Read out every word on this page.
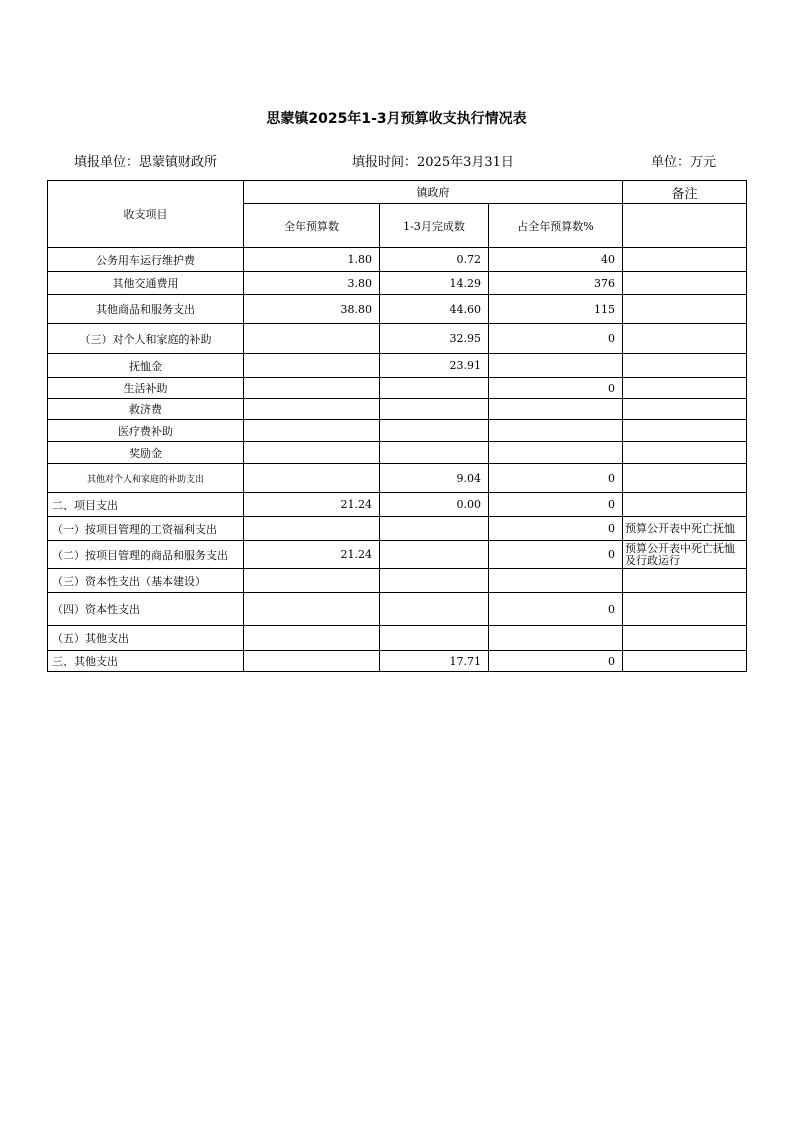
思蒙镇2025年1-3月预算收支执行情况表
填报单位：思蒙镇财政所	填报时间：2025年3月31日	单位：万元
收支项目	镇政府			备注
	全年预算数	1-3月完成数	占全年预算数%	
公务用车运行维护费	1.80	0.72	40	
其他交通费用	3.80	14.29	376	
其他商品和服务支出	38.80	44.60	115	
（三）对个人和家庭的补助		32.95	0	
抚恤金		23.91		
生活补助			0	
救济费				
医疗费补助				
奖励金				
其他对个人和家庭的补助支出		9.04	0	
二、项目支出	21.24	0.00	0	
（一）按项目管理的工资福利支出			0	预算公开表中死亡抚恤
（二）按项目管理的商品和服务支出	21.24		0	预算公开表中死亡抚恤及行政运行
（三）资本性支出（基本建设）				
（四）资本性支出			0	
（五）其他支出				
三、其他支出		17.71	0	
